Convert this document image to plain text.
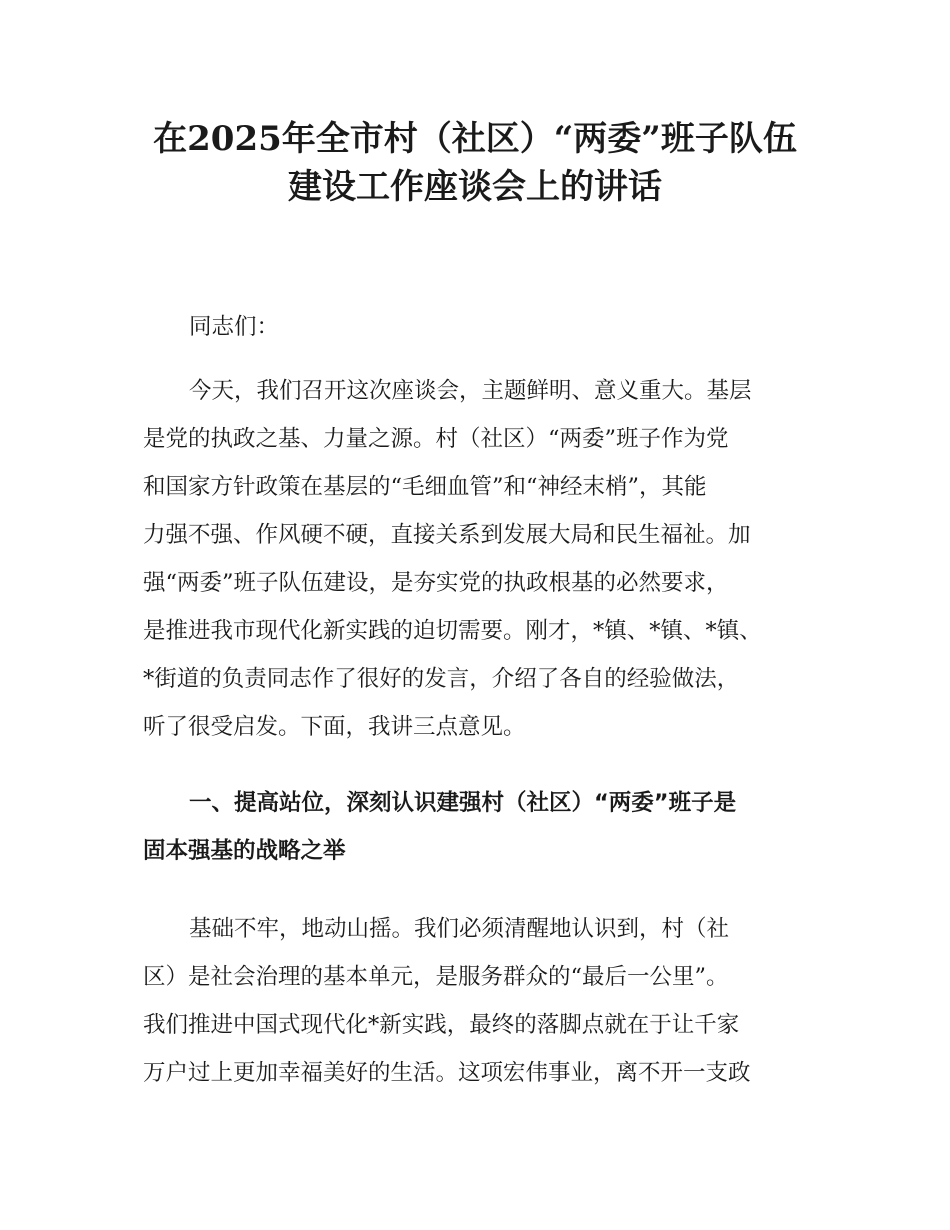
在2025年全市村（社区）“两委”班子队伍
建设工作座谈会上的讲话
同志们：
今天，我们召开这次座谈会，主题鲜明、意义重大。基层
是党的执政之基、力量之源。村（社区）“两委”班子作为党
和国家方针政策在基层的“毛细血管”和“神经末梢”，其能
力强不强、作风硬不硬，直接关系到发展大局和民生福祉。加
强“两委”班子队伍建设，是夯实党的执政根基的必然要求，
是推进我市现代化新实践的迫切需要。刚才，*镇、*镇、*镇、
*街道的负责同志作了很好的发言，介绍了各自的经验做法，
听了很受启发。下面，我讲三点意见。
一、提高站位，深刻认识建强村（社区）“两委”班子是
固本强基的战略之举
基础不牢，地动山摇。我们必须清醒地认识到，村（社
区）是社会治理的基本单元，是服务群众的“最后一公里”。
我们推进中国式现代化*新实践，最终的落脚点就在于让千家
万户过上更加幸福美好的生活。这项宏伟事业，离不开一支政
